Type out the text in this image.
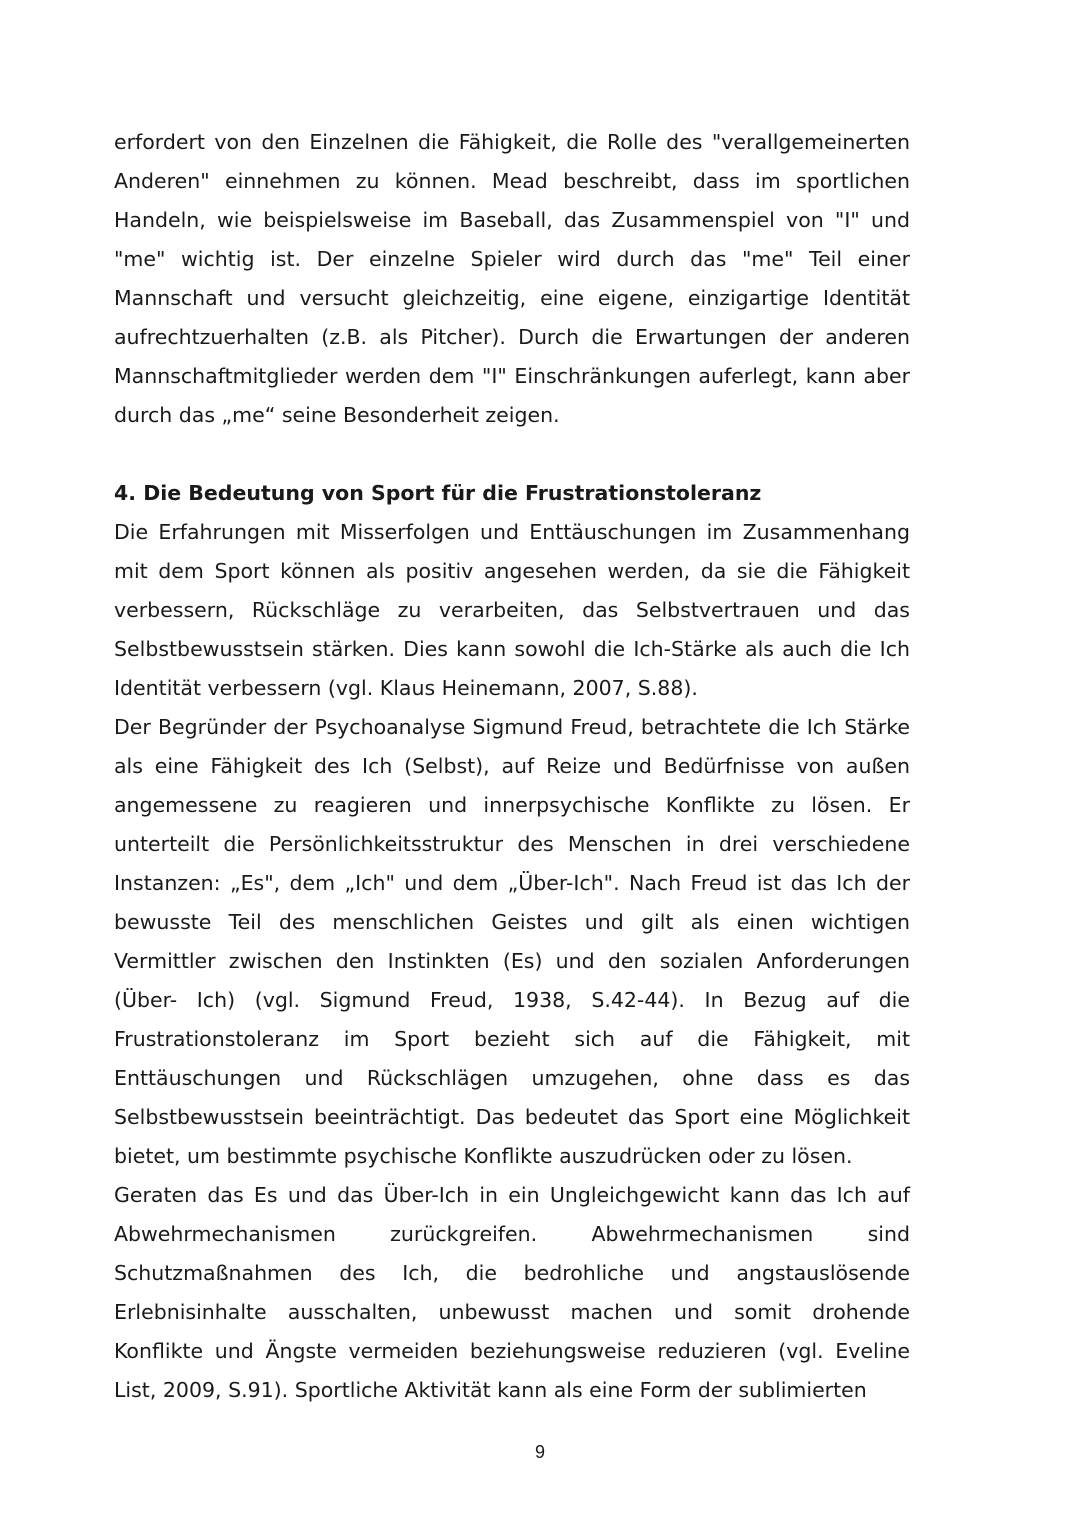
erfordert von den Einzelnen die Fähigkeit, die Rolle des "verallgemeinerten Anderen" einnehmen zu können. Mead beschreibt, dass im sportlichen Handeln, wie beispielsweise im Baseball, das Zusammenspiel von "I" und "me" wichtig ist. Der einzelne Spieler wird durch das "me" Teil einer Mannschaft und versucht gleichzeitig, eine eigene, einzigartige Identität aufrechtzuerhalten (z.B. als Pitcher). Durch die Erwartungen der anderen Mannschaftmitglieder werden dem "I" Einschränkungen auferlegt, kann aber durch das „me“ seine Besonderheit zeigen.

4. Die Bedeutung von Sport für die Frustrationstoleranz

Die Erfahrungen mit Misserfolgen und Enttäuschungen im Zusammenhang mit dem Sport können als positiv angesehen werden, da sie die Fähigkeit verbessern, Rückschläge zu verarbeiten, das Selbstvertrauen und das Selbstbewusstsein stärken. Dies kann sowohl die Ich-Stärke als auch die Ich Identität verbessern (vgl. Klaus Heinemann, 2007, S.88).

Der Begründer der Psychoanalyse Sigmund Freud, betrachtete die Ich Stärke als eine Fähigkeit des Ich (Selbst), auf Reize und Bedürfnisse von außen angemessene zu reagieren und innerpsychische Konflikte zu lösen. Er unterteilt die Persönlichkeitsstruktur des Menschen in drei verschiedene Instanzen: „Es", dem „Ich" und dem „Über-Ich". Nach Freud ist das Ich der bewusste Teil des menschlichen Geistes und gilt als einen wichtigen Vermittler zwischen den Instinkten (Es) und den sozialen Anforderungen (Über- Ich) (vgl. Sigmund Freud, 1938, S.42-44). In Bezug auf die Frustrationstoleranz im Sport bezieht sich auf die Fähigkeit, mit Enttäuschungen und Rückschlägen umzugehen, ohne dass es das Selbstbewusstsein beeinträchtigt. Das bedeutet das Sport eine Möglichkeit bietet, um bestimmte psychische Konflikte auszudrücken oder zu lösen.

Geraten das Es und das Über-Ich in ein Ungleichgewicht kann das Ich auf Abwehrmechanismen zurückgreifen. Abwehrmechanismen sind Schutzmaßnahmen des Ich, die bedrohliche und angstauslösende Erlebnisinhalte ausschalten, unbewusst machen und somit drohende Konflikte und Ängste vermeiden beziehungsweise reduzieren (vgl. Eveline List, 2009, S.91). Sportliche Aktivität kann als eine Form der sublimierten

9
